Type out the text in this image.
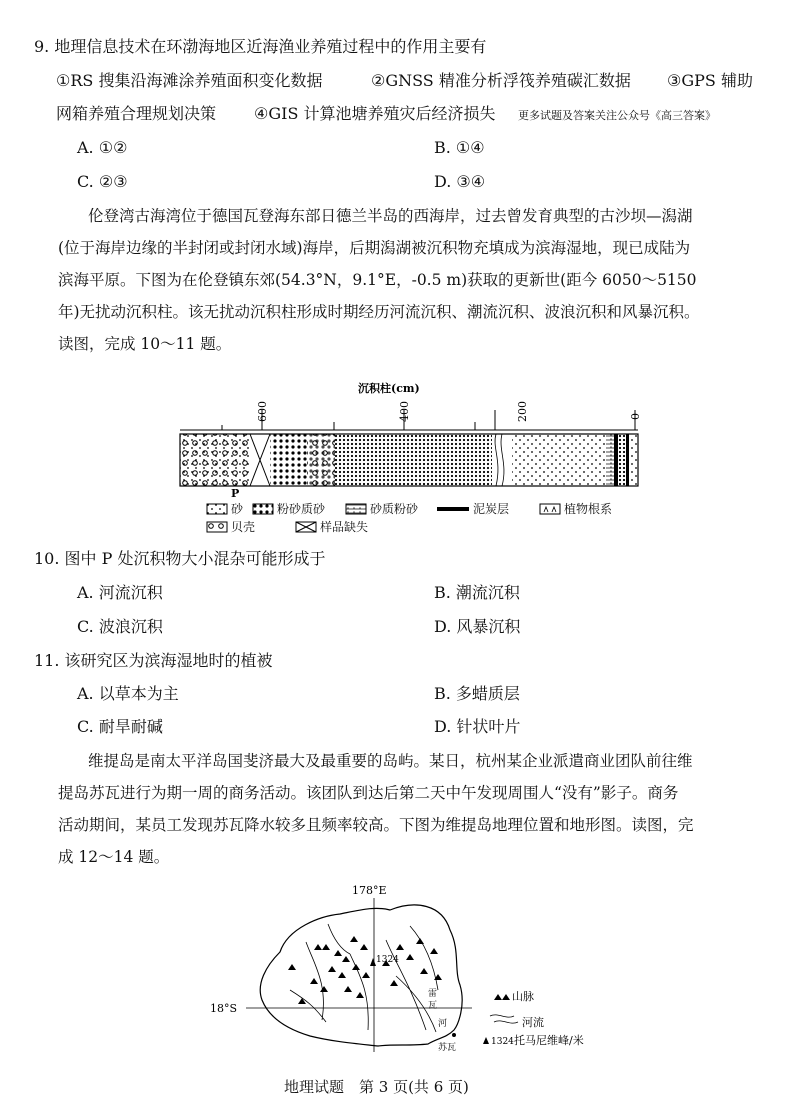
9. 地理信息技术在环渤海地区近海渔业养殖过程中的作用主要有
①RS 搜集沿海滩涂养殖面积变化数据	②GNSS 精准分析浮筏养殖碳汇数据 ③GPS 辅助
网箱养殖合理规划决策 ④GIS 计算池塘养殖灾后经济损失 更多试题及答案关注公众号《高三答案》
A. ①②	B. ①④
C. ②③	D. ③④
伦登湾古海湾位于德国瓦登海东部日德兰半岛的西海岸，过去曾发育典型的古沙坝—潟湖
(位于海岸边缘的半封闭或封闭水域)海岸，后期潟湖被沉积物充填成为滨海湿地，现已成陆为
滨海平原。下图为在伦登镇东郊(54.3°N，9.1°E，-0.5 m)获取的更新世(距今 6050～5150
年)无扰动沉积柱。该无扰动沉积柱形成时期经历河流沉积、潮流沉积、波浪沉积和风暴沉积。
读图，完成 10～11 题。
沉积柱(cm)
600	400	200	0
P
砂	粉砂质砂	砂质粉砂	泥炭层	植物根系
贝壳	样品缺失
10. 图中 P 处沉积物大小混杂可能形成于
A. 河流沉积	B. 潮流沉积
C. 波浪沉积	D. 风暴沉积
11. 该研究区为滨海湿地时的植被
A. 以草本为主	B. 多蜡质层
C. 耐旱耐碱	D. 针状叶片
维提岛是南太平洋岛国斐济最大及最重要的岛屿。某日，杭州某企业派遣商业团队前往维
提岛苏瓦进行为期一周的商务活动。该团队到达后第二天中午发现周围人“没有”影子。商务
活动期间，某员工发现苏瓦降水较多且频率较高。下图为维提岛地理位置和地形图。读图，完
成 12～14 题。
178°E
18°S
1324
雷
瓦
河
苏瓦
山脉
河流
1324 托马尼维峰/米
地理试题　第 3 页(共 6 页)
